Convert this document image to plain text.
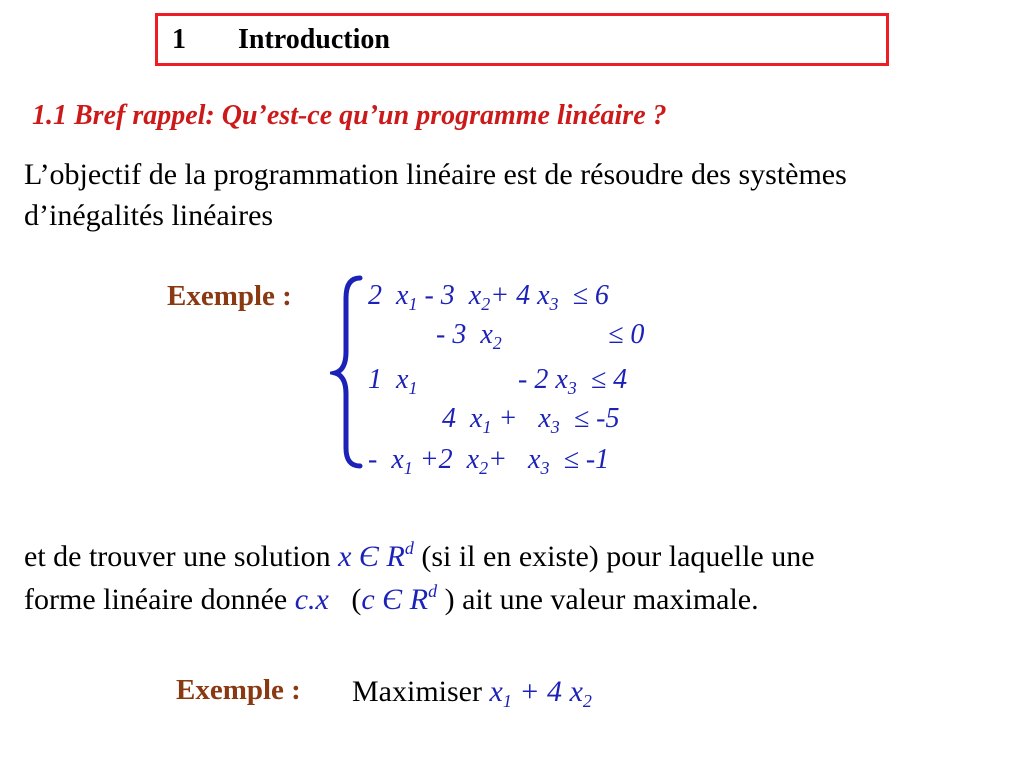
1 Introduction
1.1 Bref rappel: Qu’est-ce qu’un programme linéaire ?
L’objectif de la programmation linéaire est de résoudre des systèmes
d’inégalités linéaires
Exemple :	2 $x_1 - 3$ $x_2+ 4$ $x_3 \le 6$
- 3 $x_2$	≤ 0
1 $x_1$	- 2 $x_3 \le 4$
4 $x_1 + x_3 \le -5$
- $x_1 +2$ $x_2+ x_3 \le -1$
et de trouver une solution x Є $R^d$ (si il en existe) pour laquelle une
forme linéaire donnée c.x (c Є $R^d$ ) ait une valeur maximale.
Exemple : Maximiser $x_1 + 4$ $x_2$
